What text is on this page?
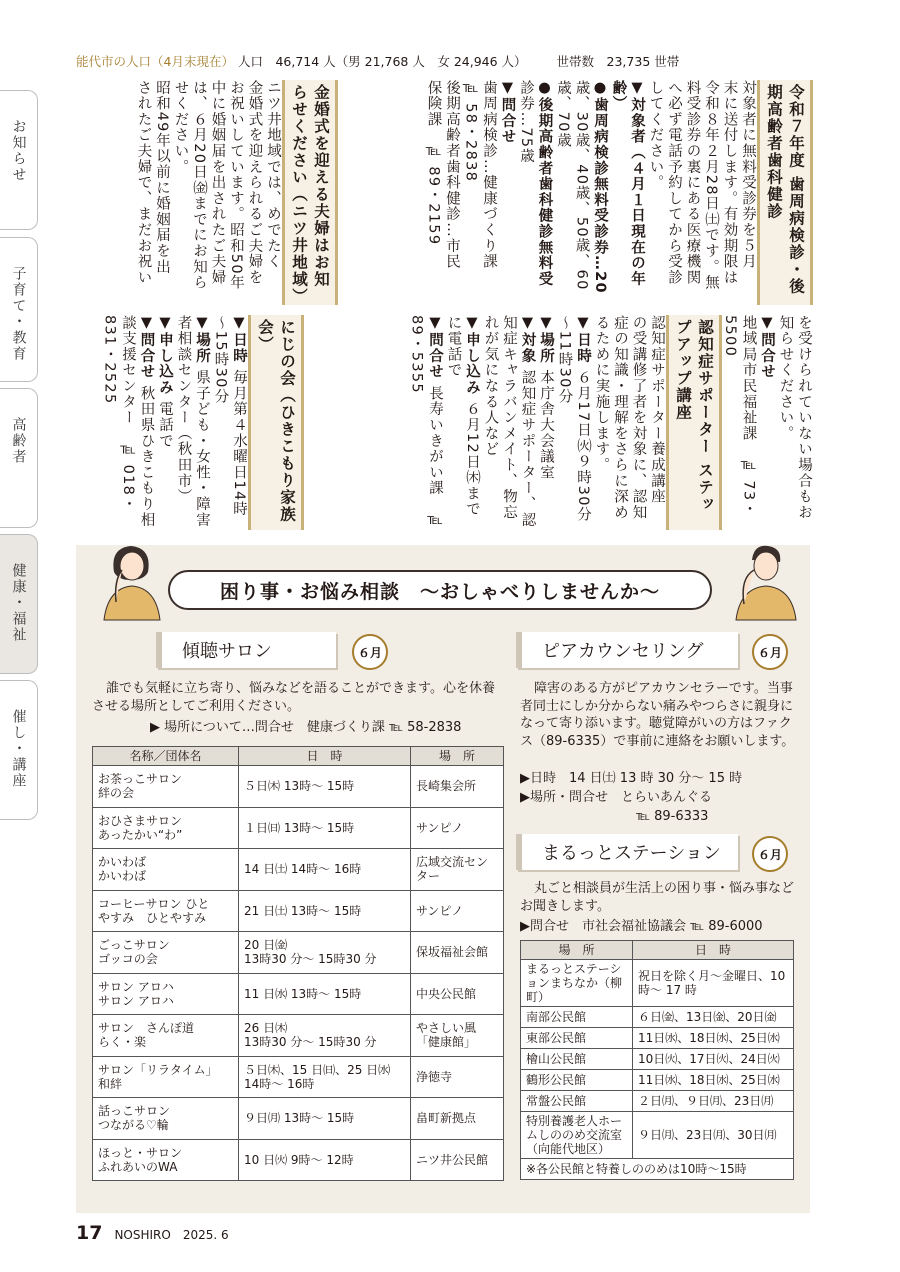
お知らせ
子育て・教育
高齢者
健康・福祉
催し・講座
能代市の人口（4月末現在） 人口　46,714 人（男 21,768 人　女 24,946 人） 世帯数　23,735 世帯

令和７年度 歯周病検診・後期高齢者歯科健診

対象者に無料受診券を５月

末に送付します。有効期限は

令和８年２月28日㈯です。無

料受診券の裏にある医療機関

へ必ず電話予約してから受診

してください。

▼対象者（４月１日現在の年齢）

●歯周病検診無料受診券…20

歳、30歳、40歳、50歳、60

歳、70歳

●後期高齢者歯科健診無料受

診券…75歳

▼問合せ

歯周病検診…健康づくり課

℡ 58・2838

後期高齢者歯科健診…市民

保険課　℡ 89・2159

金婚式を迎える夫婦はお知らせください（ニツ井地域）

ニツ井地域では、めでたく

金婚式を迎えられるご夫婦を

お祝いしています。昭和50年

中に婚姻届を出されたご夫婦

は、６月20日㈮までにお知ら

せください。

昭和49年以前に婚姻届を出

されたご夫婦で、まだお祝い

を受けられていない場合もお

知らせください。

▼問合せ

地域局市民福祉課　℡ 73・5500

認知症サポーター ステップアップ講座

認知症サポーター養成講座

の受講修了者を対象に、認知

症の知識・理解をさらに深め

るために実施します。

▼日時 ６月17日㈫９時30分～11時30分

▼場所 本庁舎大会議室

▼対象 認知症サポーター、認知症キャラバンメイト、物忘れが気になる人など

▼申し込み ６月12日㈭までに電話で

▼問合せ 長寿いきがい課　℡ 89・5355

にじの会（ひきこもり家族会）

▼日時 毎月第４水曜日14時～15時30分

▼場所 県子ども・女性・障害者相談センター（秋田市）

▼申し込み 電話で

▼問合せ 秋田県ひきこもり相談支援センター　℡ 018・831・2525

困り事・お悩み相談　～おしゃべりしませんか～
傾聴サロン	６月
誰でも気軽に立ち寄り、悩みなどを語ることができます。心を休養させる場所としてご利用ください。
▶ 場所について…問合せ　健康づくり課 ℡ 58-2838
名称／団体名	日　時	場　所
お茶っこサロン
絆の会	５日㈭ 13時～ 15時	長崎集会所
おひさまサロン
あったかい“わ”	１日㈰ 13時～ 15時	サンピノ
かいわば
かいわば	14 日㈯ 14時～ 16時	広域交流センター
コーヒーサロン ひと
やすみ　ひとやすみ	21 日㈯ 13時～ 15時	サンピノ
ごっこサロン
ゴッコの会	20 日㈮
13時30 分～ 15時30 分	保坂福祉会館
サロン アロハ
サロン アロハ	11 日㈬ 13時～ 15時	中央公民館
サロン　さんぽ道
らく・楽	26 日㈭
13時30 分～ 15時30 分	やさしい風「健康館」
サロン「リラタイム」
和絆	５日㈭、15 日㈰、25 日㈬
14時～ 16時	浄徳寺
話っこサロン
つながる♡輪	９日㈪ 13時～ 15時	畠町新拠点
ほっと・サロン
ふれあいのWA	10 日㈫ 9時～ 12時	ニツ井公民館
ピアカウンセリング	６月
障害のある方がピアカウンセラーです。当事者同士にしか分からない痛みやつらさに親身になって寄り添います。聴覚障がいの方はファクス（89-6335）で事前に連絡をお願いします。
▶日時　14 日㈯ 13 時 30 分～ 15 時
▶場所・問合せ　とらいあんぐる
℡ 89-6333
まるっとステーション	６月
丸ごと相談員が生活上の困り事・悩み事などお聞きします。
▶問合せ　市社会福祉協議会 ℡ 89-6000
場　所	日　時
まるっとステーションまちなか（柳町）	祝日を除く月～金曜日、10 時～ 17 時
南部公民館	６日㈮、13日㈮、20日㈮
東部公民館	11日㈬、18日㈬、25日㈬
檜山公民館	10日㈫、17日㈫、24日㈫
鶴形公民館	11日㈬、18日㈬、25日㈬
常盤公民館	２日㈪、９日㈪、23日㈪
特別養護老人ホームしののめ交流室（向能代地区）	９日㈪、23日㈪、30日㈪
※各公民館と特養しののめは10時～15時	
17 NOSHIRO　2025. 6
